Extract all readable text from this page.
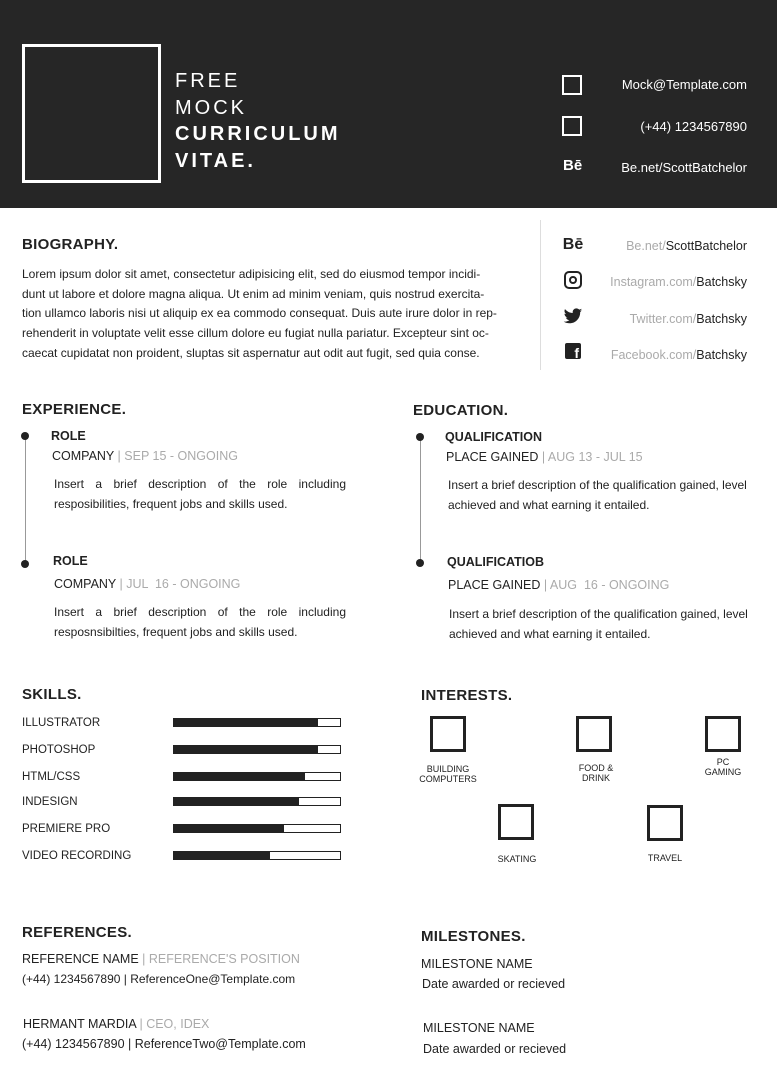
FREE
MOCK
CURRICULUM
VITAE.
Mock@Template.com
(+44) 1234567890
Bē	Be.net/ScottBatchelor
BIOGRAPHY.
Lorem ipsum dolor sit amet, consectetur adipisicing elit, sed do eiusmod tempor incidi-
dunt ut labore et dolore magna aliqua. Ut enim ad minim veniam, quis nostrud exercita-
tion ullamco laboris nisi ut aliquip ex ea commodo consequat. Duis aute irure dolor in rep-
rehenderit in voluptate velit esse cillum dolore eu fugiat nulla pariatur. Excepteur sint oc-
caecat cupidatat non proident, sluptas sit aspernatur aut odit aut fugit, sed quia conse.
Bē	Be.net/ScottBatchelor
Instagram.com/Batchsky
Twitter.com/Batchsky
f	Facebook.com/Batchsky
EXPERIENCE.
ROLE
COMPANY | SEP 15 - ONGOING
Insert a brief description of the role including
resposibilities, frequent jobs and skills used.
ROLE
COMPANY | JUL  16 - ONGOING
Insert a brief description of the role including
resposnsibilties, frequent jobs and skills used.
EDUCATION.
QUALIFICATION
PLACE GAINED | AUG 13 - JUL 15
Insert a brief description of the qualification gained, level
achieved and what earning it entailed.
QUALIFICATIOB
PLACE GAINED | AUG  16 - ONGOING
Insert a brief description of the qualification gained, level
achieved and what earning it entailed.
SKILLS.
ILLUSTRATOR
PHOTOSHOP
HTML/CSS
INDESIGN
PREMIERE PRO
VIDEO RECORDING
INTERESTS.
BUILDING
COMPUTERS
FOOD &
DRINK
PC
GAMING
SKATING	TRAVEL
REFERENCES.
REFERENCE NAME | REFERENCE'S POSITION
(+44) 1234567890 | ReferenceOne@Template.com
HERMANT MARDIA | CEO, IDEX
(+44) 1234567890 | ReferenceTwo@Template.com
MILESTONES.
MILESTONE NAME
Date awarded or recieved
MILESTONE NAME
Date awarded or recieved
